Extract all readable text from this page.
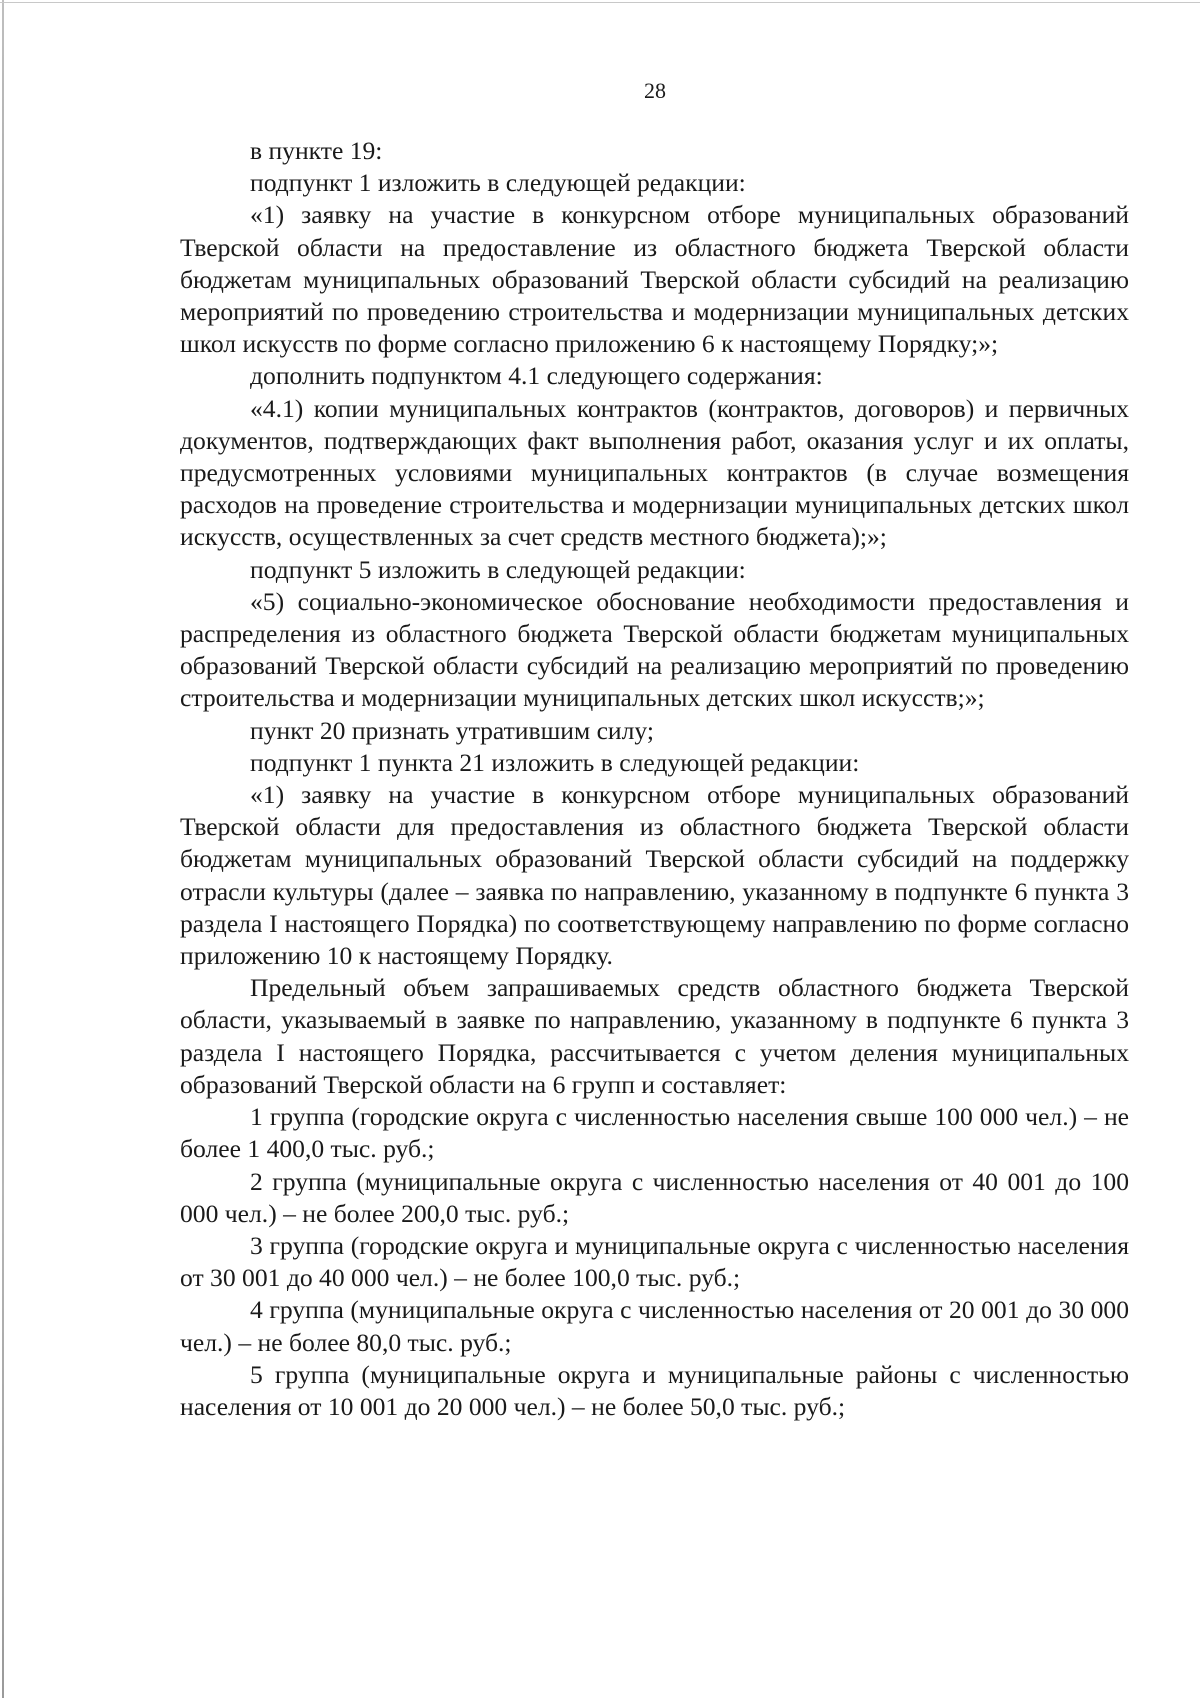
28

в пункте 19:

подпункт 1 изложить в следующей редакции:

«1) заявку на участие в конкурсном отборе муниципальных образований Тверской области на предоставление из областного бюджета Тверской области бюджетам муниципальных образований Тверской области субсидий на реализацию мероприятий по проведению строительства и модернизации муниципальных детских школ искусств по форме согласно приложению 6 к настоящему Порядку;»;

дополнить подпунктом 4.1 следующего содержания:

«4.1) копии муниципальных контрактов (контрактов, договоров) и первичных документов, подтверждающих факт выполнения работ, оказания услуг и их оплаты, предусмотренных условиями муниципальных контрактов (в случае возмещения расходов на проведение строительства и модернизации муниципальных детских школ искусств, осуществленных за счет средств местного бюджета);»;

подпункт 5 изложить в следующей редакции:

«5) социально-экономическое обоснование необходимости предоставления и распределения из областного бюджета Тверской области бюджетам муниципальных образований Тверской области субсидий на реализацию мероприятий по проведению строительства и модернизации муниципальных детских школ искусств;»;

пункт 20 признать утратившим силу;

подпункт 1 пункта 21 изложить в следующей редакции:

«1) заявку на участие в конкурсном отборе муниципальных образований Тверской области для предоставления из областного бюджета Тверской области бюджетам муниципальных образований Тверской области субсидий на поддержку отрасли культуры (далее – заявка по направлению, указанному в подпункте 6 пункта 3 раздела I настоящего Порядка) по соответствующему направлению по форме согласно приложению 10 к настоящему Порядку.

Предельный объем запрашиваемых средств областного бюджета Тверской области, указываемый в заявке по направлению, указанному в подпункте 6 пункта 3 раздела I настоящего Порядка, рассчитывается с учетом деления муниципальных образований Тверской области на 6 групп и составляет:

1 группа (городские округа с численностью населения свыше 100 000 чел.) – не более 1 400,0 тыс. руб.;

2 группа (муниципальные округа с численностью населения от 40 001 до 100 000 чел.) – не более 200,0 тыс. руб.;

3 группа (городские округа и муниципальные округа с численностью населения от 30 001 до 40 000 чел.) – не более 100,0 тыс. руб.;

4 группа (муниципальные округа с численностью населения от 20 001 до 30 000 чел.) – не более 80,0 тыс. руб.;

5 группа (муниципальные округа и муниципальные районы с численностью населения от 10 001 до 20 000 чел.) – не более 50,0 тыс. руб.;
